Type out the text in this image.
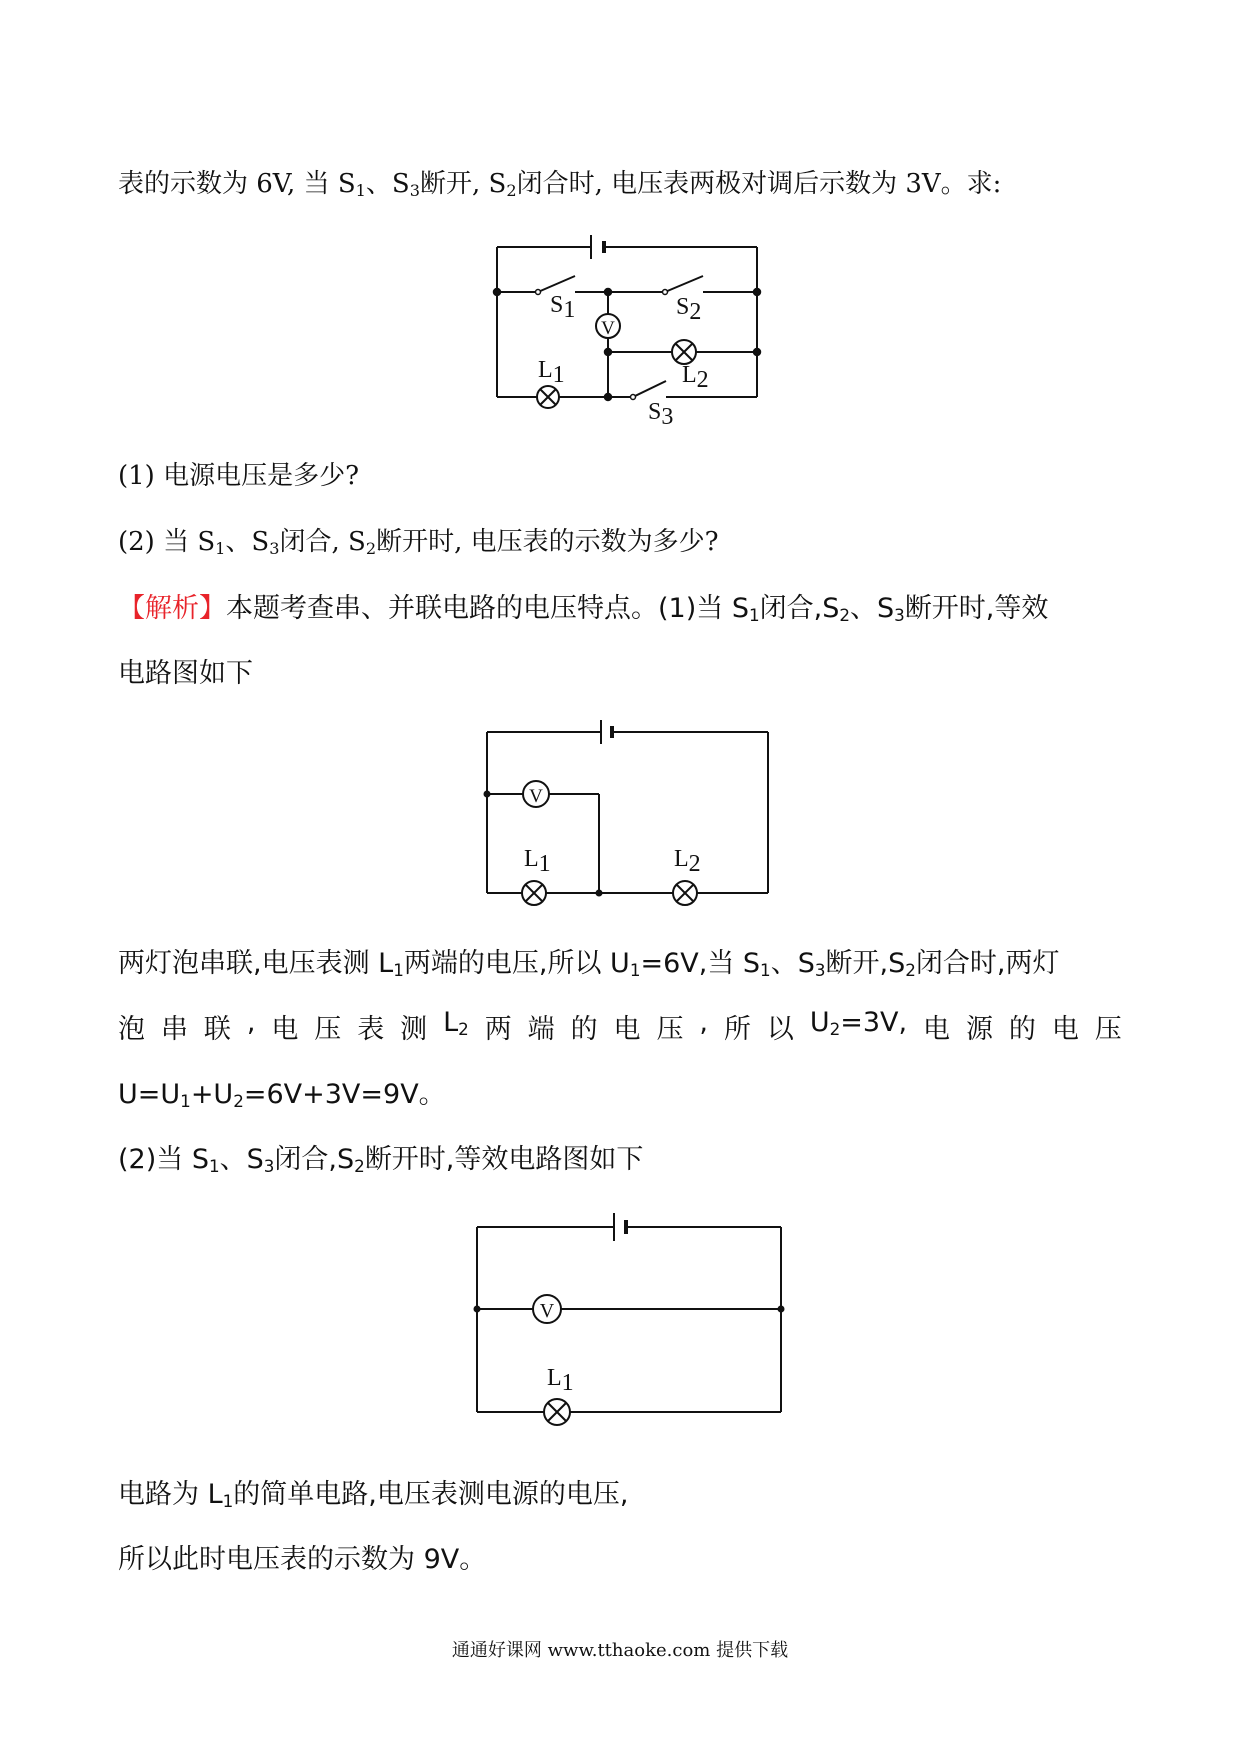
表的示数为 6V, 当 $S_1$、$S_3$断开, $S_2$闭合时, 电压表两极对调后示数为 3V。求:
V
S1	S2
S3
L1	L2
(1) 电源电压是多少?
(2) 当 $S_1$、$S_3$闭合, $S_2$断开时, 电压表的示数为多少?
【解析】本题考查串、并联电路的电压特点。(1)当 $S_1$闭合$,S_2$、$S_3$断开时,等效
电路图如下
V
L1	L2
两灯泡串联,电压表测 $L_1$两端的电压,所以 $U_1=6V$,当 $S_1$、$S_3$断开$,S_2$闭合时,两灯
泡 串 联 , 电 压 表 测 $L_2$ 两 端 的 电 压 , 所 以 $U_2=3V$, 电 源 的 电 压
$U=U_1+U_2=6V+3V=9V$。
(2)当 $S_1$、$S_3$闭合$,S_2$断开时,等效电路图如下
V
L1
电路为 $L_1$的简单电路,电压表测电源的电压,
所以此时电压表的示数为 9V。
通通好课网 www.tthaoke.com 提供下载
